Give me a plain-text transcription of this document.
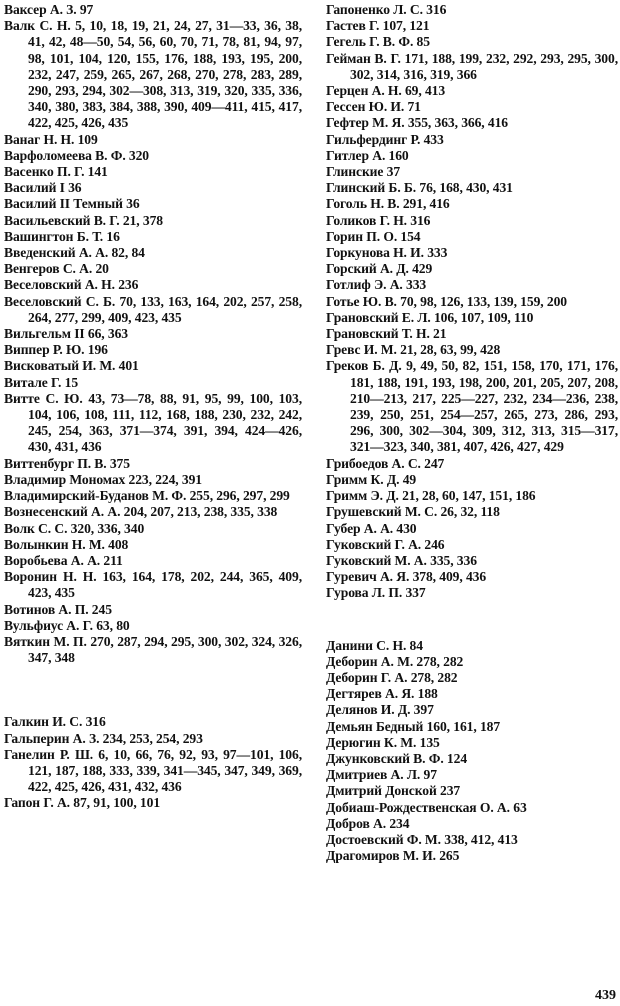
Ваксер А. З. 97

Валк С. Н. 5, 10, 18, 19, 21, 24, 27, 31—33, 36, 38, 41, 42, 48—50, 54, 56, 60, 70, 71, 78, 81, 94, 97, 98, 101, 104, 120, 155, 176, 188, 193, 195, 200, 232, 247, 259, 265, 267, 268, 270, 278, 283, 289, 290, 293, 294, 302—308, 313, 319, 320, 335, 336, 340, 380, 383, 384, 388, 390, 409—411, 415, 417, 422, 425, 426, 435

Ванаг Н. Н. 109

Варфоломеева В. Ф. 320

Васенко П. Г. 141

Василий I 36

Василий II Темный 36

Васильевский В. Г. 21, 378

Вашингтон Б. Т. 16

Введенский А. А. 82, 84

Венгеров С. А. 20

Веселовский А. Н. 236

Веселовский С. Б. 70, 133, 163, 164, 202, 257, 258, 264, 277, 299, 409, 423, 435

Вильгельм II 66, 363

Виппер Р. Ю. 196

Висковатый И. М. 401

Витале Г. 15

Витте С. Ю. 43, 73—78, 88, 91, 95, 99, 100, 103, 104, 106, 108, 111, 112, 168, 188, 230, 232, 242, 245, 254, 363, 371—374, 391, 394, 424—426, 430, 431, 436

Виттенбург П. В. 375

Владимир Мономах 223, 224, 391

Владимирский-Буданов М. Ф. 255, 296, 297, 299

Вознесенский А. А. 204, 207, 213, 238, 335, 338

Волк С. С. 320, 336, 340

Волынкин Н. М. 408

Воробьева А. А. 211

Воронин Н. Н. 163, 164, 178, 202, 244, 365, 409, 423, 435

Вотинов А. П. 245

Вульфиус А. Г. 63, 80

Вяткин М. П. 270, 287, 294, 295, 300, 302, 324, 326, 347, 348

Галкин И. С. 316

Гальперин А. З. 234, 253, 254, 293

Ганелин Р. Ш. 6, 10, 66, 76, 92, 93, 97—101, 106, 121, 187, 188, 333, 339, 341—345, 347, 349, 369, 422, 425, 426, 431, 432, 436

Гапон Г. А. 87, 91, 100, 101

Гапоненко Л. С. 316

Гастев Г. 107, 121

Гегель Г. В. Ф. 85

Гейман В. Г. 171, 188, 199, 232, 292, 293, 295, 300, 302, 314, 316, 319, 366

Герцен А. Н. 69, 413

Гессен Ю. И. 71

Гефтер М. Я. 355, 363, 366, 416

Гильфердинг Р. 433

Гитлер А. 160

Глинские 37

Глинский Б. Б. 76, 168, 430, 431

Гоголь Н. В. 291, 416

Голиков Г. Н. 316

Горин П. О. 154

Горкунова Н. И. 333

Горский А. Д. 429

Готлиф Э. А. 333

Готье Ю. В. 70, 98, 126, 133, 139, 159, 200

Грановский Е. Л. 106, 107, 109, 110

Грановский Т. Н. 21

Гревс И. М. 21, 28, 63, 99, 428

Греков Б. Д. 9, 49, 50, 82, 151, 158, 170, 171, 176, 181, 188, 191, 193, 198, 200, 201, 205, 207, 208, 210—213, 217, 225—227, 232, 234—236, 238, 239, 250, 251, 254—257, 265, 273, 286, 293, 296, 300, 302—304, 309, 312, 313, 315—317, 321—323, 340, 381, 407, 426, 427, 429

Грибоедов А. С. 247

Гримм К. Д. 49

Гримм Э. Д. 21, 28, 60, 147, 151, 186

Грушевский М. С. 26, 32, 118

Губер А. А. 430

Гуковский Г. А. 246

Гуковский М. А. 335, 336

Гуревич А. Я. 378, 409, 436

Гурова Л. П. 337

Данини С. Н. 84

Деборин А. М. 278, 282

Деборин Г. А. 278, 282

Дегтярев А. Я. 188

Делянов И. Д. 397

Демьян Бедный 160, 161, 187

Дерюгин К. М. 135

Джунковский В. Ф. 124

Дмитриев А. Л. 97

Дмитрий Донской 237

Добиаш-Рождественская О. А. 63

Добров А. 234

Достоевский Ф. М. 338, 412, 413

Драгомиров М. И. 265

439
